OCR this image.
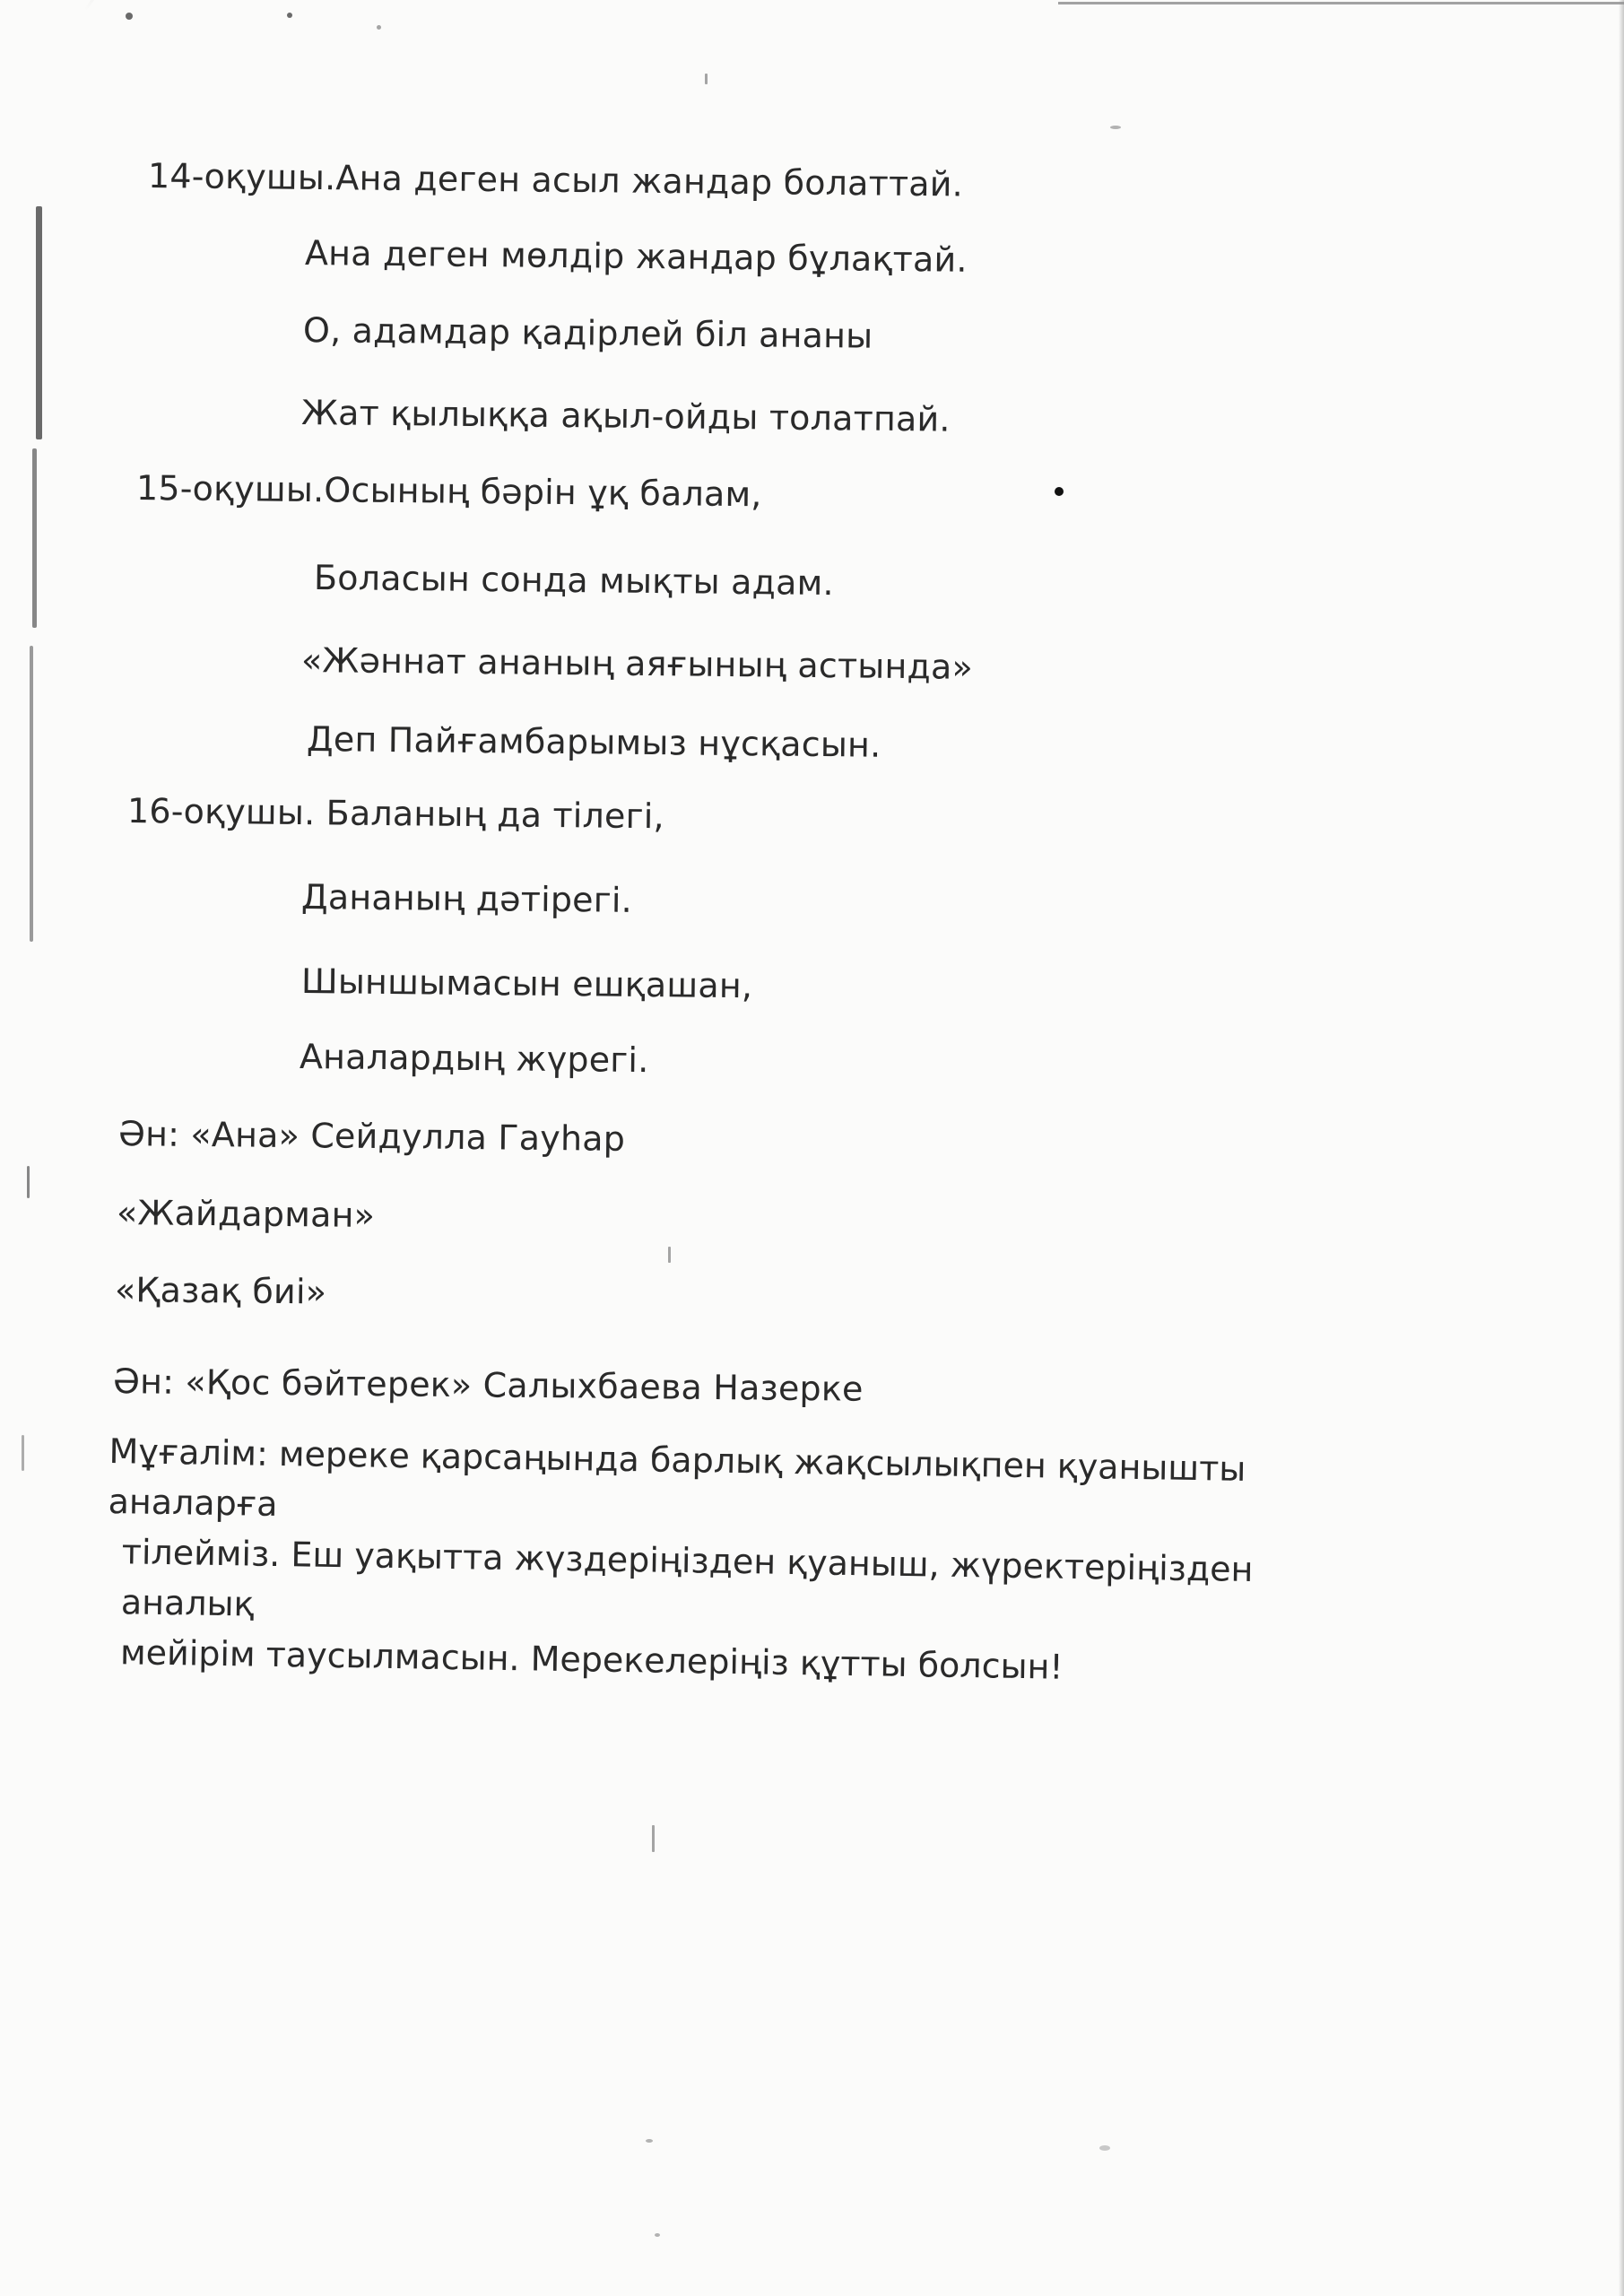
14-оқушы.Ана деген асыл жандар болаттай.
Ана деген мөлдір жандар бұлақтай.
О, адамдар қадірлей біл ананы
Жат қылыққа ақыл-ойды толатпай.
15-оқушы.Осының бәрін ұқ балам,
Боласын сонда мықты адам.
«Жәннат ананың аяғының астында»
Деп Пайғамбарымыз нұсқасын.
16-оқушы. Баланың да тілегі,
Дананың дәтірегі.
Шыншымасын ешқашан,
Аналардың жүрегі.
Ән: «Ана» Сейдулла Гауһар
«Жайдарман»
«Қазақ биі»
Ән: «Қос бәйтерек» Салыхбаева Назерке
Мұғалім: мереке қарсаңында барлық жақсылықпен қуанышты аналарға
тілейміз. Еш уақытта жүздеріңізден қуаныш, жүректеріңізден аналық
мейірім таусылмасын. Мерекелеріңіз құтты болсын!
